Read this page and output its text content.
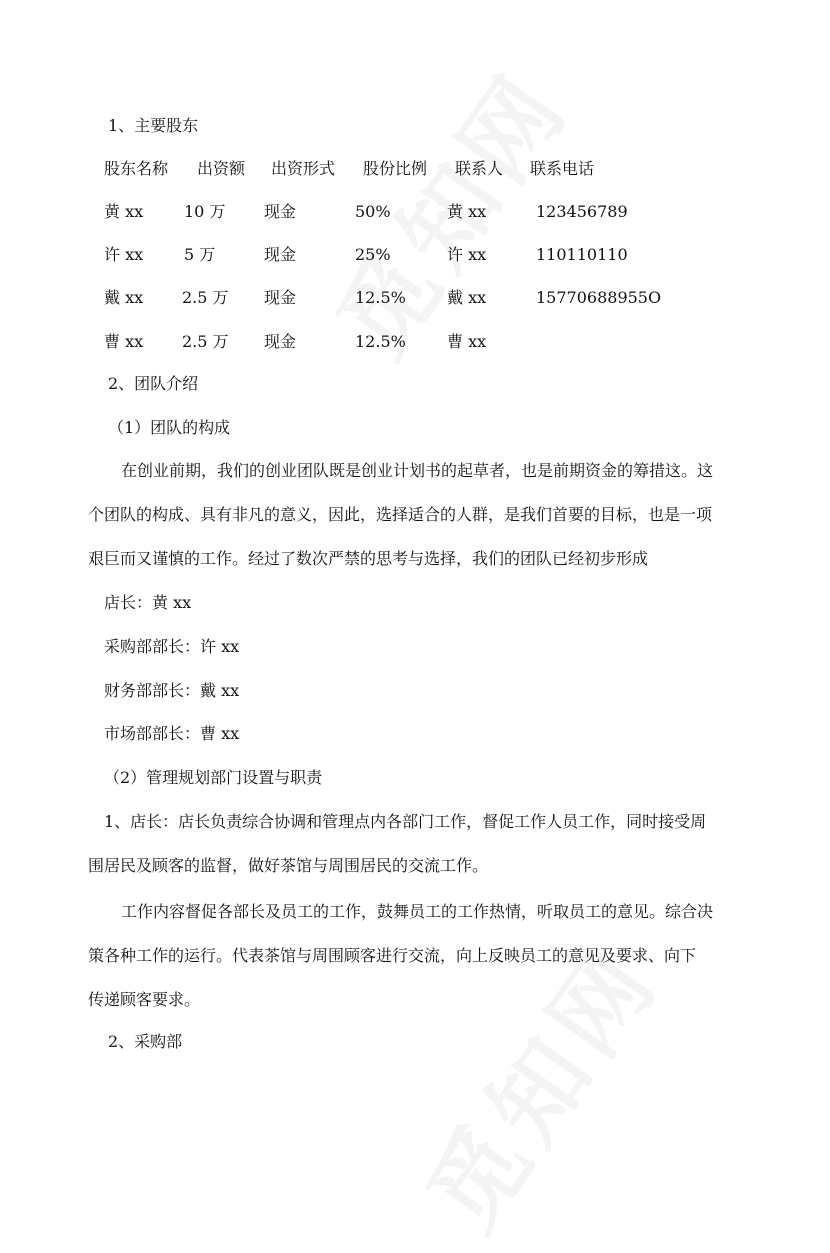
1、主要股东
股东名称 出资额 出资形式 股份比例 联系人 联系电话
黄 xx	10 万 现金	50%	黄 xx	123456789
许 xx	5 万	现金	25%	许 xx	110110110
戴 xx 2.5 万 现金	12.5%	戴 xx	15770688955О
曹 xx 2.5 万 现金	12.5%	曹 xx
2、团队介绍
（1）团队的构成
在创业前期，我们的创业团队既是创业计划书的起草者，也是前期资金的筹措这。这
个团队的构成、具有非凡的意义，因此，选择适合的人群，是我们首要的目标，也是一项
艰巨而又谨慎的工作。经过了数次严禁的思考与选择，我们的团队已经初步形成
店长：黄 xx
采购部部长：许 xx
财务部部长：戴 xx
市场部部长：曹 xx
（2）管理规划部门设置与职责
1、店长：店长负责综合协调和管理点内各部门工作，督促工作人员工作，同时接受周
围居民及顾客的监督，做好茶馆与周围居民的交流工作。
工作内容督促各部长及员工的工作，鼓舞员工的工作热情，听取员工的意见。综合决
策各种工作的运行。代表茶馆与周围顾客进行交流，向上反映员工的意见及要求、向下
传递顾客要求。
2、采购部
